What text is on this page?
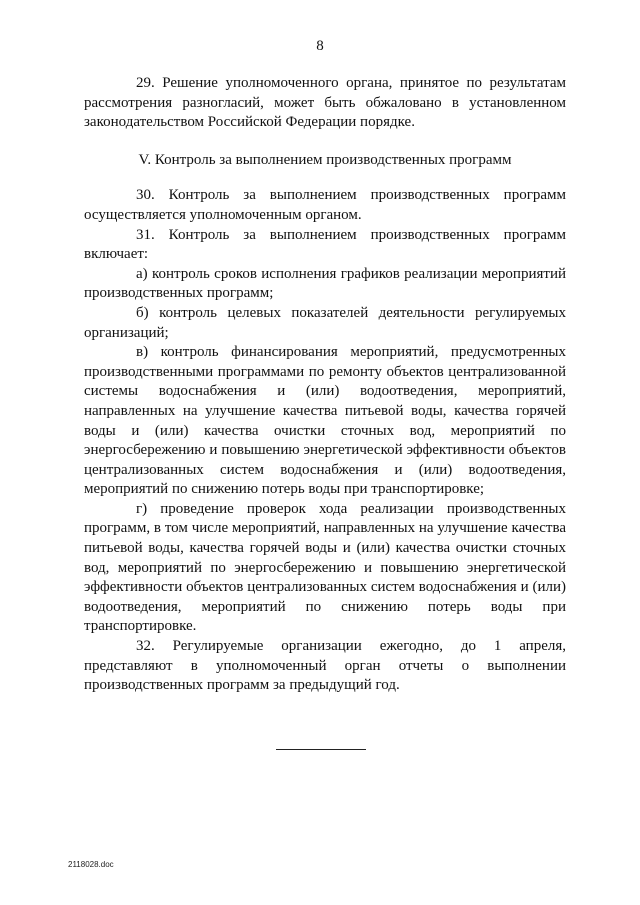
8

29. Решение уполномоченного органа, принятое по результатам рассмотрения разногласий, может быть обжаловано в установленном законодательством Российской Федерации порядке.

V. Контроль за выполнением производственных программ

30. Контроль за выполнением производственных программ осуществляется уполномоченным органом.

31. Контроль за выполнением производственных программ включает:

а) контроль сроков исполнения графиков реализации мероприятий производственных программ;

б) контроль целевых показателей деятельности регулируемых организаций;

в) контроль финансирования мероприятий, предусмотренных производственными программами по ремонту объектов централизованной системы водоснабжения и (или) водоотведения, мероприятий, направленных на улучшение качества питьевой воды, качества горячей воды и (или) качества очистки сточных вод, мероприятий по энергосбережению и повышению энергетической эффективности объектов централизованных систем водоснабжения и (или) водоотведения, мероприятий по снижению потерь воды при транспортировке;

г) проведение проверок хода реализации производственных программ, в том числе мероприятий, направленных на улучшение качества питьевой воды, качества горячей воды и (или) качества очистки сточных вод, мероприятий по энергосбережению и повышению энергетической эффективности объектов централизованных систем водоснабжения и (или) водоотведения, мероприятий по снижению потерь воды при транспортировке.

32. Регулируемые организации ежегодно, до 1 апреля, представляют в уполномоченный орган отчеты о выполнении производственных программ за предыдущий год.

2118028.doc
